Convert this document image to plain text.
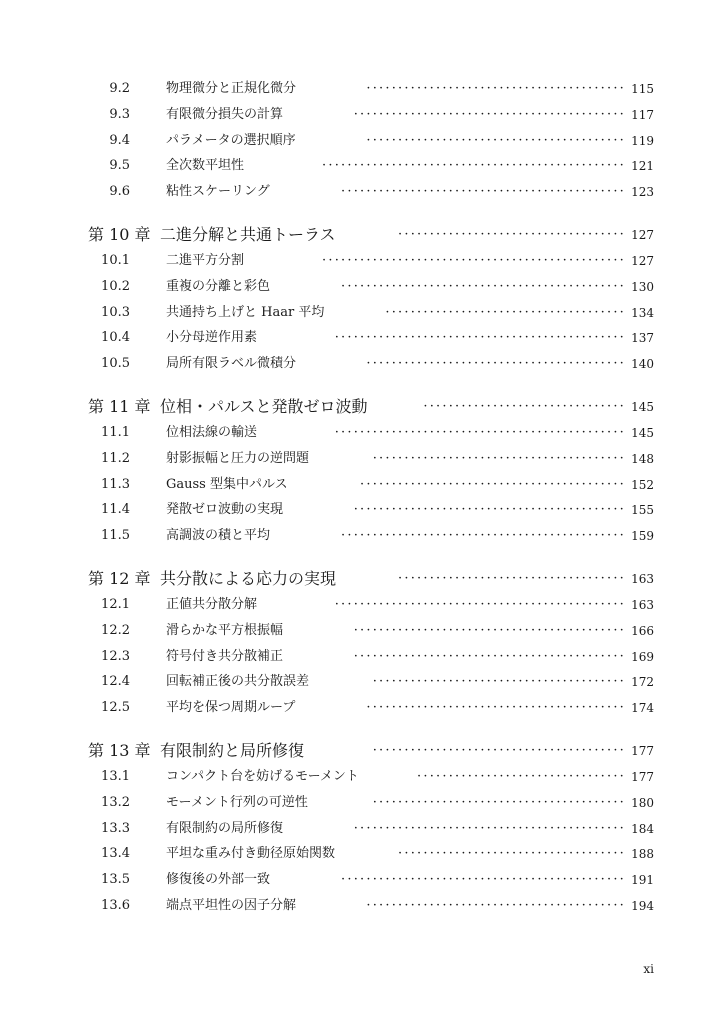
9.2	物理微分と正規化微分	········································· 115
9.3	有限微分損失の計算	··········································· 117
9.4	パラメータの選択順序	········································· 119
9.5	全次数平坦性	················································ 121
9.6	粘性スケーリング	············································· 123
第 10 章 二進分解と共通トーラス	···································· 127
10.1	二進平方分割	················································ 127
10.2	重複の分離と彩色	············································· 130
10.3	共通持ち上げと Haar 平均	······································ 134
10.4	小分母逆作用素	·············································· 137
10.5	局所有限ラベル微積分	········································· 140
第 11 章 位相・パルスと発散ゼロ波動	································ 145
11.1	位相法線の輸送	·············································· 145
11.2	射影振幅と圧力の逆問題	········································ 148
11.3	Gauss 型集中パルス	·········································· 152
11.4	発散ゼロ波動の実現	··········································· 155
11.5	高調波の積と平均	············································· 159
第 12 章 共分散による応力の実現	···································· 163
12.1	正値共分散分解	·············································· 163
12.2	滑らかな平方根振幅	··········································· 166
12.3	符号付き共分散補正	··········································· 169
12.4	回転補正後の共分散誤差	········································ 172
12.5	平均を保つ周期ループ	········································· 174
第 13 章 有限制約と局所修復	········································ 177
13.1	コンパクト台を妨げるモーメント	································· 177
13.2	モーメント行列の可逆性	········································ 180
13.3	有限制約の局所修復	··········································· 184
13.4	平坦な重み付き動径原始関数	···································· 188
13.5	修復後の外部一致	············································· 191
13.6	端点平坦性の因子分解	········································· 194
xi
